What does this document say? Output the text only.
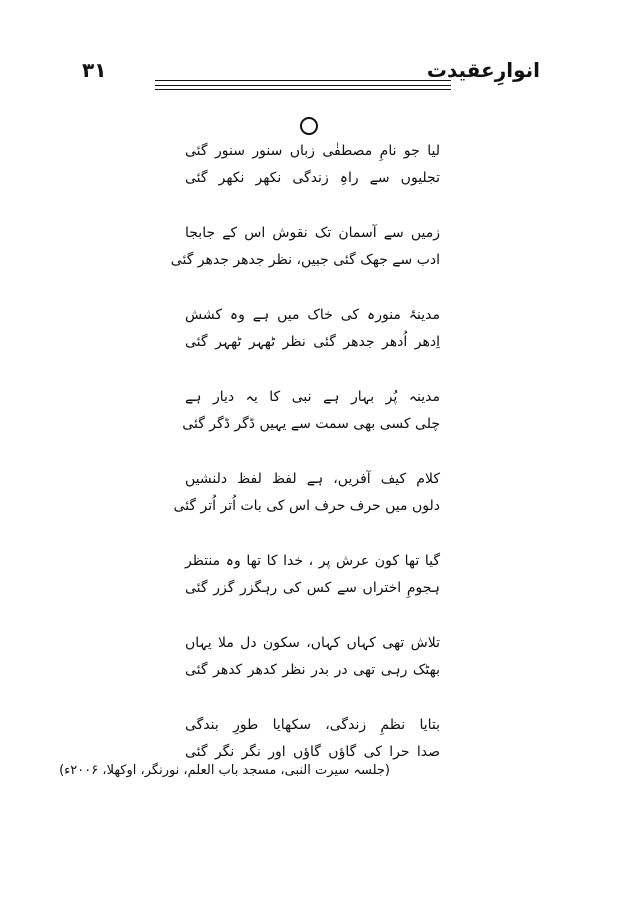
انوارِعقیدت
۳۱
لیا جو نامِ مصطفٰی زباں سنور سنور گئی
تجلیوں سے راہِ زندگی نکھر نکھر گئی
زمیں سے آسمان تک نقوش اس کے جابجا
ادب سے جھک گئی جبیں، نظر جدھر جدھر گئی
مدینۂ منورہ کی خاک میں ہے وہ کشش
اِدھر اُدھر جدھر گئی نظر ٹھہر ٹھہر گئی
مدینہ پُر بہار ہے نبی کا یہ دیار ہے
چلی کسی بھی سمت سے یہیں ڈگر ڈگر گئی
کلام کیف آفریں، ہے لفظ لفظ دلنشیں
دلوں میں حرف حرف اس کی بات اُتر اُتر گئی
گیا تھا کون عرش پر ، خدا کا تھا وہ منتظر
ہجومِ اختراں سے کس کی رہگزر گزر گئی
تلاش تھی کہاں کہاں، سکون دل ملا یہاں
بھٹک رہی تھی در بدر نظر کدھر کدھر گئی
بتایا نظمِ زندگی، سکھایا طورِ بندگی
صدا حرا کی گاؤں گاؤں اور نگر نگر گئی
(جلسہ سیرت النبی، مسجد باب العلم، نورنگر، اوکھلا، ۲۰۰۶ء)
